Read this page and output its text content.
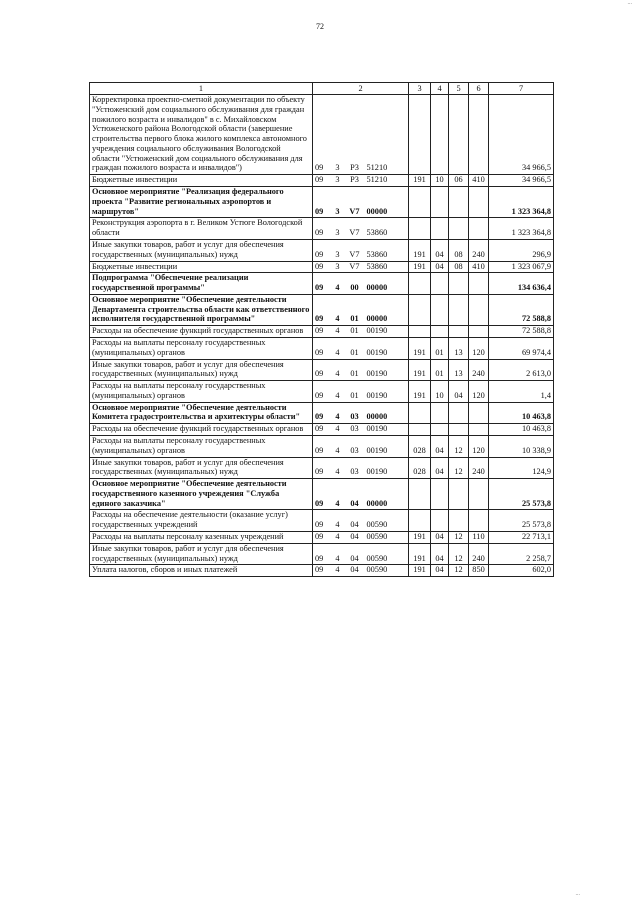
72
...
1	2				3	4	5	6	7
Корректировка проектно-сметной документации по объекту "Устюженский дом социального обслуживания для граждан пожилого возраста и инвалидов" в с. Михайловском Устюженского района Вологодской области (завершение строительства первого блока жилого комплекса автономного учреждения социального обслуживания Вологодской области "Устюженский дом социального обслуживания для граждан пожилого возраста и инвалидов")	09	3	P3	51210					34 966,5
Бюджетные инвестиции	09	3	P3	51210	191	10	06	410	34 966,5
Основное мероприятие "Реализация федерального проекта "Развитие региональных аэропортов и маршрутов"	09	3	V7	00000					1 323 364,8
Реконструкция аэропорта в г. Великом Устюге Вологодской области	09	3	V7	53860					1 323 364,8
Иные закупки товаров, работ и услуг для обеспечения государственных (муниципальных) нужд	09	3	V7	53860	191	04	08	240	296,9
Бюджетные инвестиции	09	3	V7	53860	191	04	08	410	1 323 067,9
Подпрограмма "Обеспечение реализации государственной программы"	09	4	00	00000					134 636,4
Основное мероприятие "Обеспечение деятельности Департамента строительства области как ответственного исполнителя государственной программы"	09	4	01	00000					72 588,8
Расходы на обеспечение функций государственных органов	09	4	01	00190					72 588,8
Расходы на выплаты персоналу государственных (муниципальных) органов	09	4	01	00190	191	01	13	120	69 974,4
Иные закупки товаров, работ и услуг для обеспечения государственных (муниципальных) нужд	09	4	01	00190	191	01	13	240	2 613,0
Расходы на выплаты персоналу государственных (муниципальных) органов	09	4	01	00190	191	10	04	120	1,4
Основное мероприятие "Обеспечение деятельности Комитета градостроительства и архитектуры области"	09	4	03	00000					10 463,8
Расходы на обеспечение функций государственных органов	09	4	03	00190					10 463,8
Расходы на выплаты персоналу государственных (муниципальных) органов	09	4	03	00190	028	04	12	120	10 338,9
Иные закупки товаров, работ и услуг для обеспечения государственных (муниципальных) нужд	09	4	03	00190	028	04	12	240	124,9
Основное мероприятие "Обеспечение деятельности государственного казенного учреждения "Служба единого заказчика"	09	4	04	00000					25 573,8
Расходы на обеспечение деятельности (оказание услуг) государственных учреждений	09	4	04	00590					25 573,8
Расходы на выплаты персоналу казенных учреждений	09	4	04	00590	191	04	12	110	22 713,1
Иные закупки товаров, работ и услуг для обеспечения государственных (муниципальных) нужд	09	4	04	00590	191	04	12	240	2 258,7
Уплата налогов, сборов и иных платежей	09	4	04	00590	191	04	12	850	602,0
...
